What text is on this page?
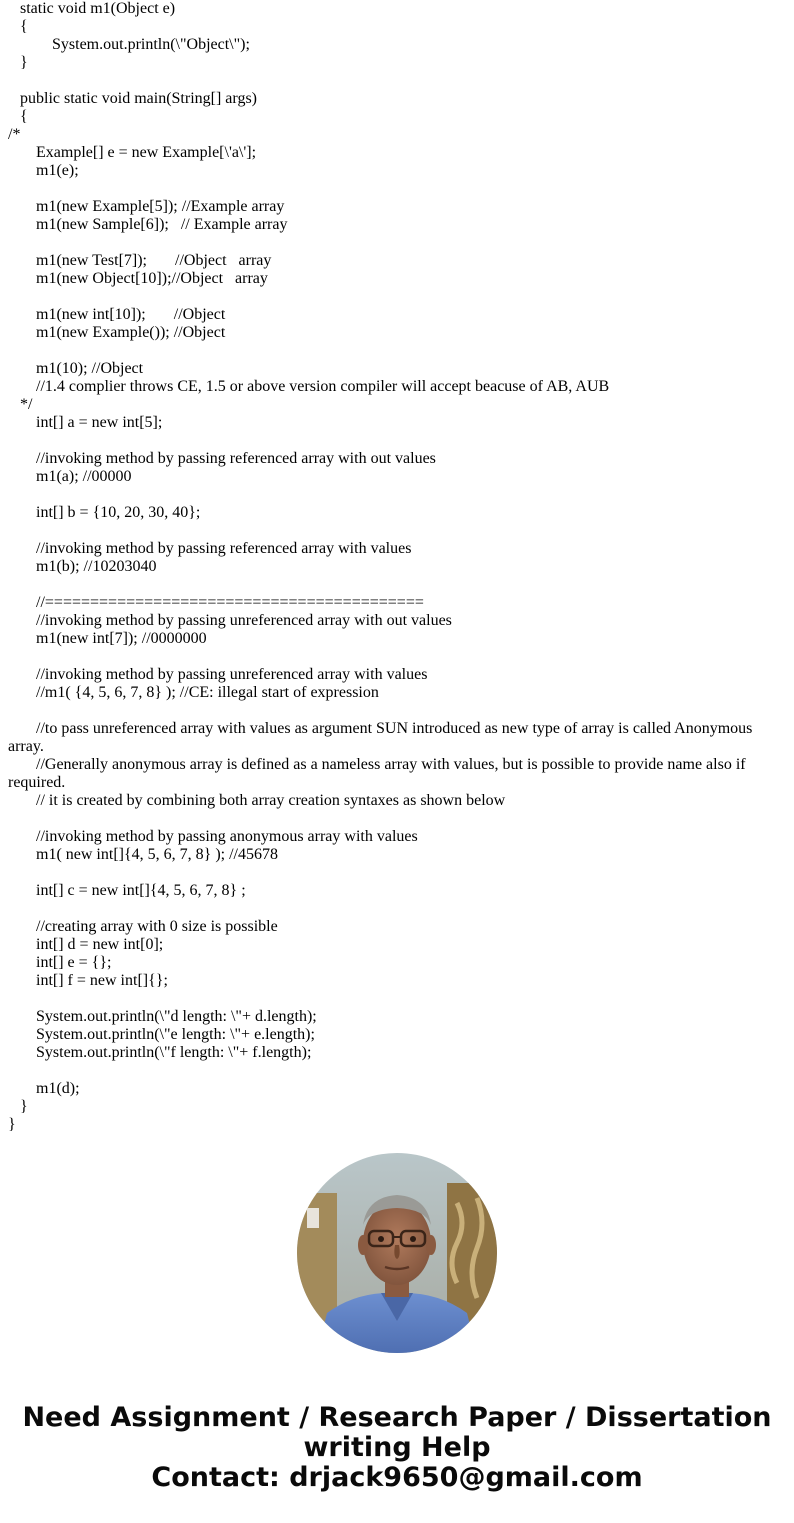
static void m1(Object e)
{
System.out.println(\"Object\");
}
public static void main(String[] args)
{
/*
Example[] e = new Example[\'a\'];
m1(e);
m1(new Example[5]); //Example array
m1(new Sample[6]);   // Example array
m1(new Test[7]);       //Object   array
m1(new Object[10]);//Object   array
m1(new int[10]);       //Object
m1(new Example()); //Object
m1(10); //Object
//1.4 complier throws CE, 1.5 or above version compiler will accept beacuse of AB, AUB
*/
int[] a = new int[5];
//invoking method by passing referenced array with out values
m1(a); //00000
int[] b = {10, 20, 30, 40};
//invoking method by passing referenced array with values
m1(b); //10203040
//==========================================
//invoking method by passing unreferenced array with out values
m1(new int[7]); //0000000
//invoking method by passing unreferenced array with values
//m1( {4, 5, 6, 7, 8} ); //CE: illegal start of expression
//to pass unreferenced array with values as argument SUN introduced as new type of array is called Anonymous array.
//Generally anonymous array is defined as a nameless array with values, but is possible to provide name also if required.
// it is created by combining both array creation syntaxes as shown below
//invoking method by passing anonymous array with values
m1( new int[]{4, 5, 6, 7, 8} ); //45678
int[] c = new int[]{4, 5, 6, 7, 8} ;
//creating array with 0 size is possible
int[] d = new int[0];
int[] e = {};
int[] f = new int[]{};
System.out.println(\"d length: \"+ d.length);
System.out.println(\"e length: \"+ e.length);
System.out.println(\"f length: \"+ f.length);
m1(d);
}
}
Need Assignment / Research Paper / Dissertation
writing Help
Contact: drjack9650@gmail.com
